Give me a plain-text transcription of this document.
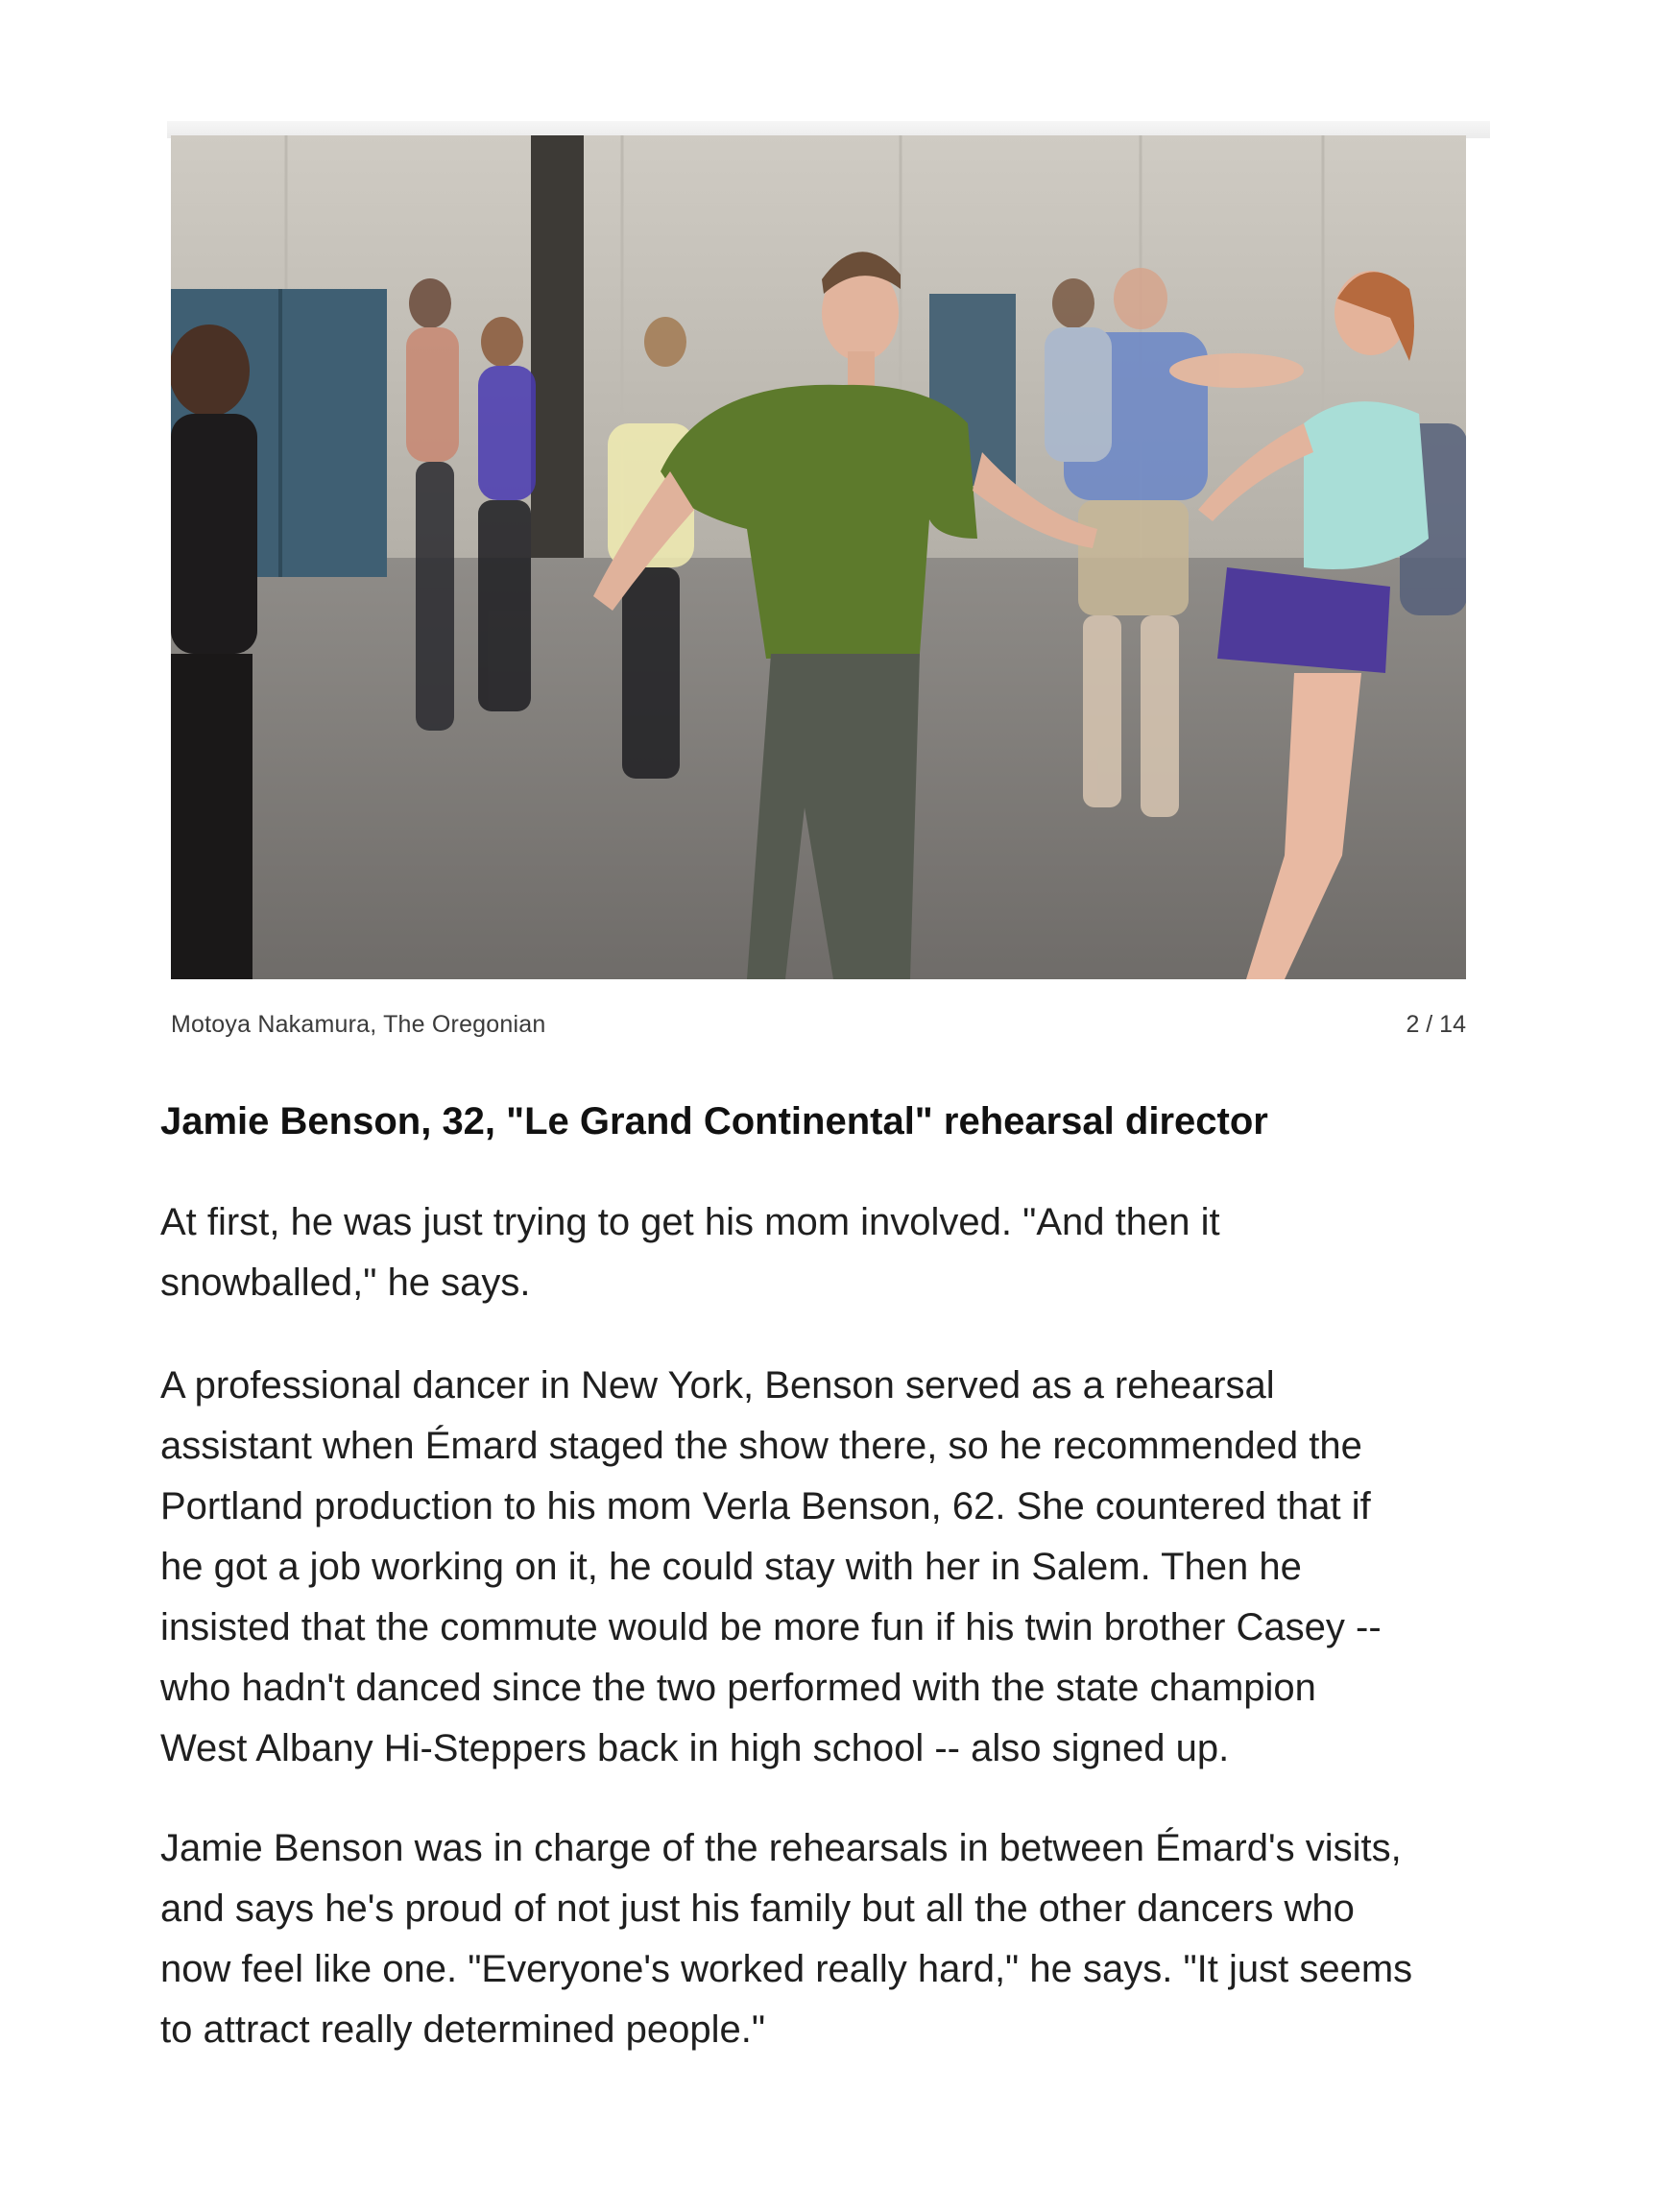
Motoya Nakamura, The Oregonian	2 / 14
Jamie Benson, 32, "Le Grand Continental" rehearsal director

At first, he was just trying to get his mom involved. "And then it
snowballed," he says.

A professional dancer in New York, Benson served as a rehearsal
assistant when Émard staged the show there, so he recommended the
Portland production to his mom Verla Benson, 62. She countered that if
he got a job working on it, he could stay with her in Salem. Then he
insisted that the commute would be more fun if his twin brother Casey --
who hadn't danced since the two performed with the state champion
West Albany Hi-Steppers back in high school -- also signed up.

Jamie Benson was in charge of the rehearsals in between Émard's visits,
and says he's proud of not just his family but all the other dancers who
now feel like one. "Everyone's worked really hard," he says. "It just seems
to attract really determined people."
